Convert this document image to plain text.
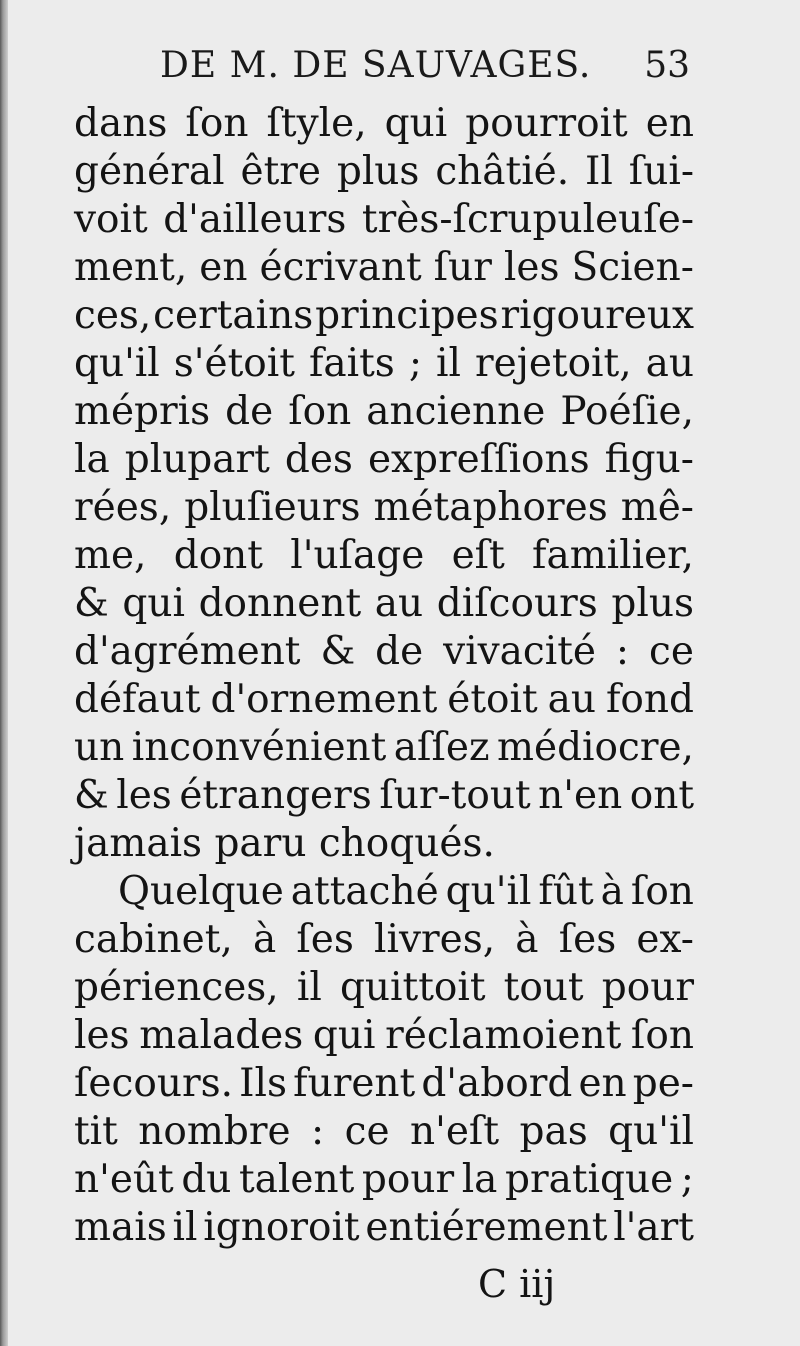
DE M. DE SAUVAGES. 53
dans ſon ſtyle, qui pourroit en
général être plus châtié. Il ſui-
voit d'ailleurs très-ſcrupuleuſe-
ment, en écrivant ſur les Scien-
ces, certains principes rigoureux
qu'il s'étoit faits ; il rejetoit, au
mépris de ſon ancienne Poéſie,
la plupart des expreſſions figu-
rées, pluſieurs métaphores mê-
me, dont l'uſage eſt familier,
& qui donnent au diſcours plus
d'agrément & de vivacité : ce
défaut d'ornement étoit au fond
un inconvénient aſſez médiocre,
& les étrangers ſur-tout n'en ont
jamais paru choqués.
Quelque attaché qu'il fût à ſon
cabinet, à ſes livres, à ſes ex-
périences, il quittoit tout pour
les malades qui réclamoient ſon
ſecours. Ils furent d'abord en pe-
tit nombre : ce n'eſt pas qu'il
n'eût du talent pour la pratique ;
mais il ignoroit entiérement l'art
C iij
